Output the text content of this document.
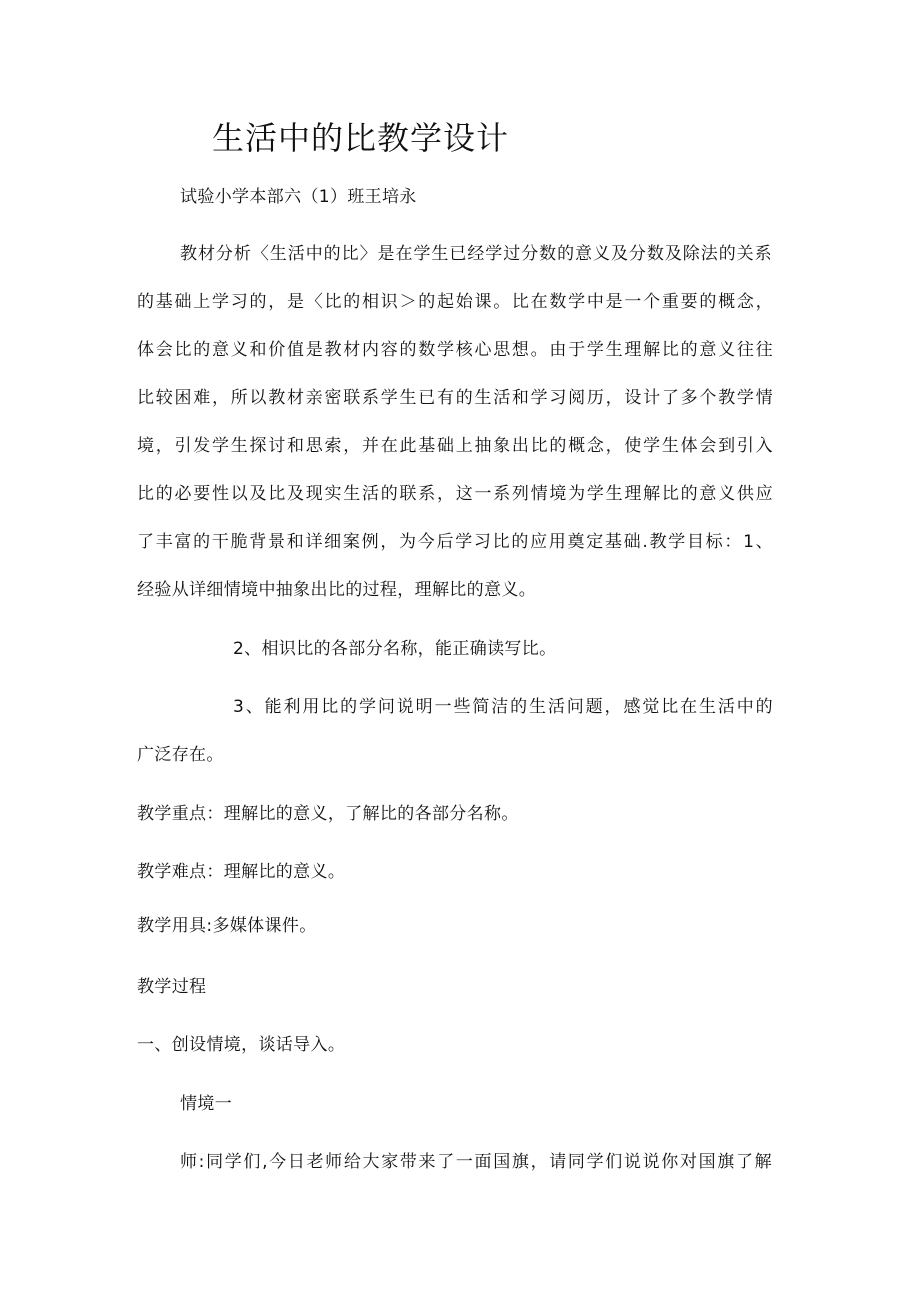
生活中的比教学设计
试验小学本部六（1）班王培永
教材分析〈生活中的比〉是在学生已经学过分数的意义及分数及除法的关系
的基础上学习的，是〈比的相识＞的起始课。比在数学中是一个重要的概念，
体会比的意义和价值是教材内容的数学核心思想。由于学生理解比的意义往往
比较困难，所以教材亲密联系学生已有的生活和学习阅历，设计了多个教学情
境，引发学生探讨和思索，并在此基础上抽象出比的概念，使学生体会到引入
比的必要性以及比及现实生活的联系，这一系列情境为学生理解比的意义供应
了丰富的干脆背景和详细案例，为今后学习比的应用奠定基础.教学目标：1、
经验从详细情境中抽象出比的过程，理解比的意义。
2、相识比的各部分名称，能正确读写比。
3、能利用比的学问说明一些简洁的生活问题，感觉比在生活中的
广泛存在。
教学重点：理解比的意义，了解比的各部分名称。
教学难点：理解比的意义。
教学用具:多媒体课件。
教学过程
一、创设情境，谈话导入。
情境一
师:同学们,今日老师给大家带来了一面国旗，请同学们说说你对国旗了解
